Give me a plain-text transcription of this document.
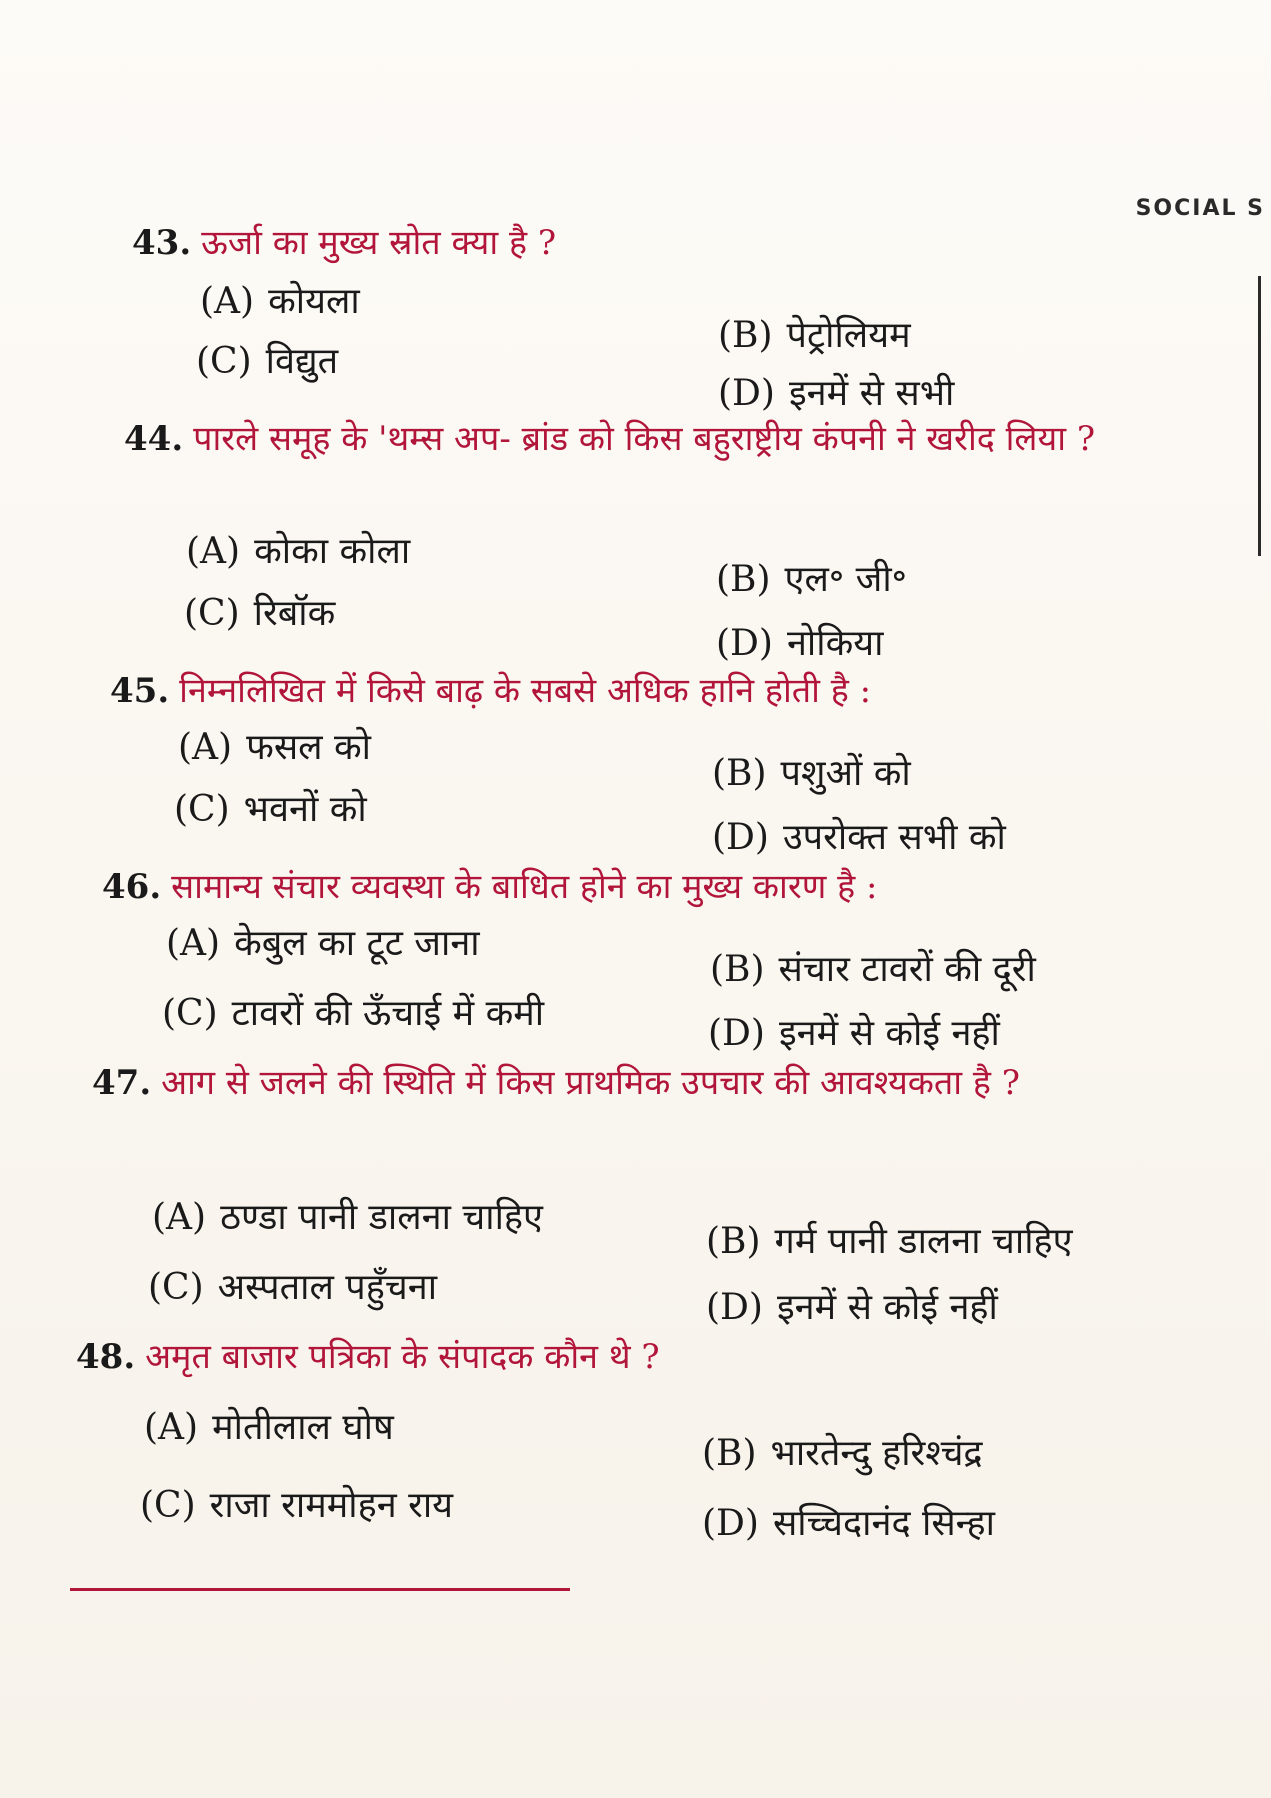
SOCIAL S
43. ऊर्जा का मुख्य स्रोत क्या है ?
(A) कोयला
(B) पेट्रोलियम
(C) विद्युत
(D) इनमें से सभी
44. पारले समूह के 'थम्स अप- ब्रांड को किस बहुराष्ट्रीय कंपनी ने खरीद लिया ?
(A) कोका कोला
(B) एल॰ जी॰
(C) रिबॉक
(D) नोकिया
45. निम्नलिखित में किसे बाढ़ के सबसे अधिक हानि होती है :
(A) फसल को
(B) पशुओं को
(C) भवनों को
(D) उपरोक्त सभी को
46. सामान्य संचार व्यवस्था के बाधित होने का मुख्य कारण है :
(A) केबुल का टूट जाना
(B) संचार टावरों की दूरी
(C) टावरों की ऊँचाई में कमी	(D) इनमें से कोई नहीं
47. आग से जलने की स्थिति में किस प्राथमिक उपचार की आवश्यकता है ?
(A) ठण्डा पानी डालना चाहिए
(B) गर्म पानी डालना चाहिए
(C) अस्पताल पहुँचना	(D) इनमें से कोई नहीं
48. अमृत बाजार पत्रिका के संपादक कौन थे ?
(A) मोतीलाल घोष
(B) भारतेन्दु हरिश्चंद्र
(C) राजा राममोहन राय	(D) सच्चिदानंद सिन्हा
